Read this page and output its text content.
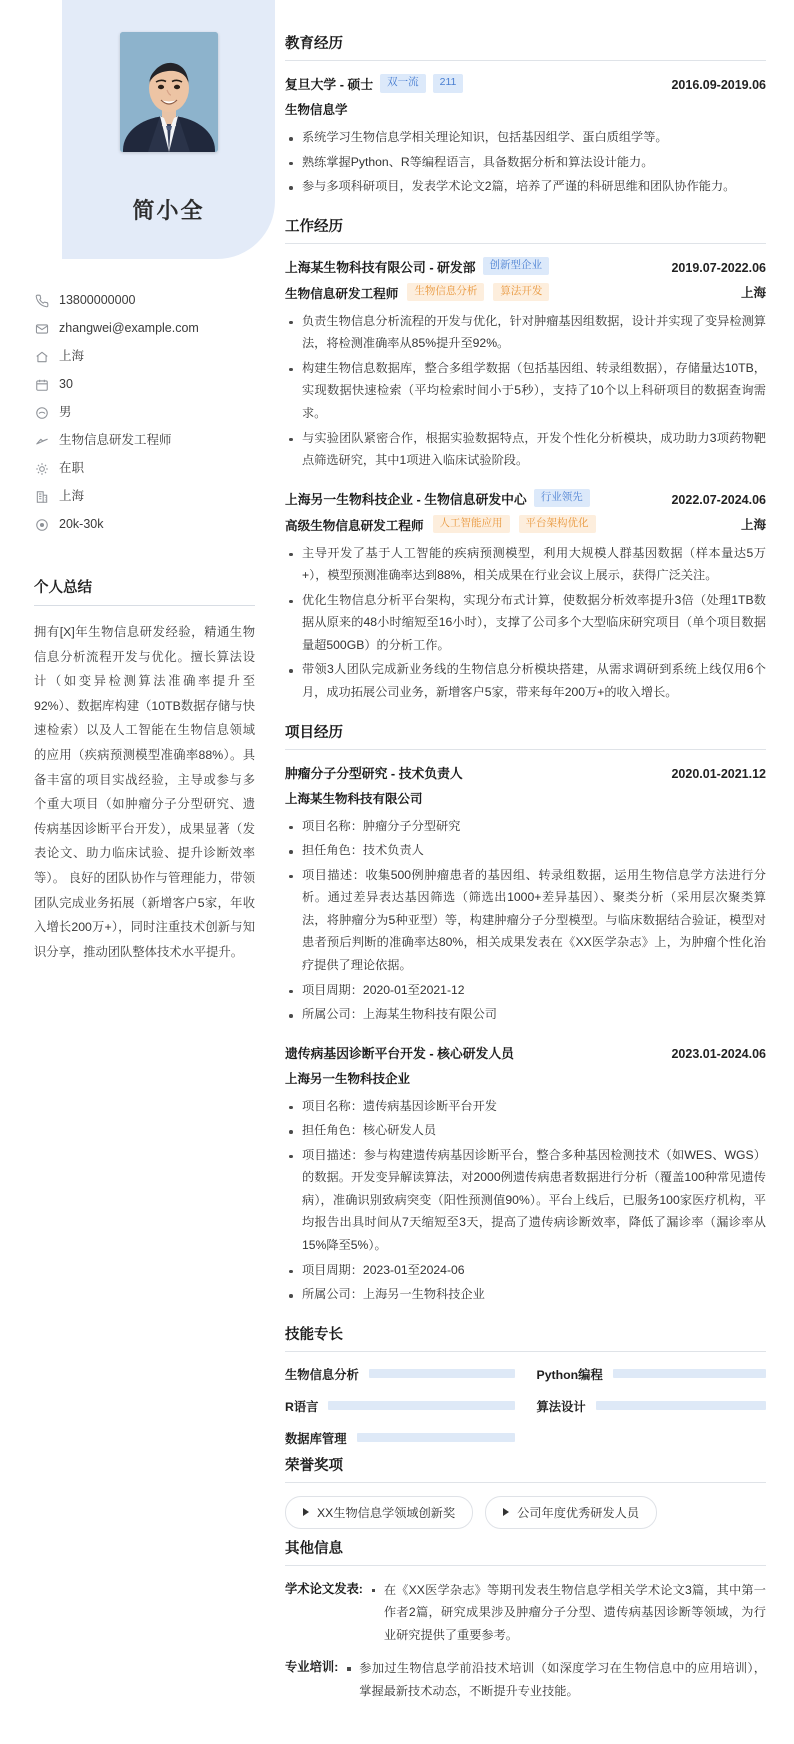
简小全
13800000000
zhangwei@example.com
上海
30
男
生物信息研发工程师
在职
上海
20k-30k
个人总结
拥有[X]年生物信息研发经验，精通生物信息分析流程开发与优化。擅长算法设计（如变异检测算法准确率提升至92%）、数据库构建（10TB数据存储与快速检索）以及人工智能在生物信息领域的应用（疾病预测模型准确率88%）。具备丰富的项目实战经验，主导或参与多个重大项目（如肿瘤分子分型研究、遗传病基因诊断平台开发），成果显著（发表论文、助力临床试验、提升诊断效率等）。 良好的团队协作与管理能力，带领团队完成业务拓展（新增客户5家，年收入增长200万+），同时注重技术创新与知识分享，推动团队整体技术水平提升。
教育经历
复旦大学 - 硕士	双一流	211	2016.09-2019.06
生物信息学
系统学习生物信息学相关理论知识，包括基因组学、蛋白质组学等。
熟练掌握Python、R等编程语言，具备数据分析和算法设计能力。
参与多项科研项目，发表学术论文2篇，培养了严谨的科研思维和团队协作能力。
工作经历
上海某生物科技有限公司 - 研发部	创新型企业	2019.07-2022.06
生物信息研发工程师	生物信息分析	算法开发	上海
负责生物信息分析流程的开发与优化，针对肿瘤基因组数据，设计并实现了变异检测算法，将检测准确率从85%提升至92%。
构建生物信息数据库，整合多组学数据（包括基因组、转录组数据），存储量达10TB，实现数据快速检索（平均检索时间小于5秒），支持了10个以上科研项目的数据查询需求。
与实验团队紧密合作，根据实验数据特点，开发个性化分析模块，成功助力3项药物靶点筛选研究，其中1项进入临床试验阶段。
上海另一生物科技企业 - 生物信息研发中心	行业领先	2022.07-2024.06
高级生物信息研发工程师	人工智能应用	平台架构优化	上海
主导开发了基于人工智能的疾病预测模型，利用大规模人群基因数据（样本量达5万+），模型预测准确率达到88%，相关成果在行业会议上展示，获得广泛关注。
优化生物信息分析平台架构，实现分布式计算，使数据分析效率提升3倍（处理1TB数据从原来的48小时缩短至16小时），支撑了公司多个大型临床研究项目（单个项目数据量超500GB）的分析工作。
带领3人团队完成新业务线的生物信息分析模块搭建，从需求调研到系统上线仅用6个月，成功拓展公司业务，新增客户5家，带来每年200万+的收入增长。
项目经历
肿瘤分子分型研究 - 技术负责人	2020.01-2021.12
上海某生物科技有限公司
项目名称：肿瘤分子分型研究
担任角色：技术负责人
项目描述：收集500例肿瘤患者的基因组、转录组数据，运用生物信息学方法进行分析。通过差异表达基因筛选（筛选出1000+差异基因）、聚类分析（采用层次聚类算法，将肿瘤分为5种亚型）等，构建肿瘤分子分型模型。与临床数据结合验证，模型对患者预后判断的准确率达80%，相关成果发表在《XX医学杂志》上，为肿瘤个性化治疗提供了理论依据。
项目周期：2020-01至2021-12
所属公司：上海某生物科技有限公司
遗传病基因诊断平台开发 - 核心研发人员	2023.01-2024.06
上海另一生物科技企业
项目名称：遗传病基因诊断平台开发
担任角色：核心研发人员
项目描述：参与构建遗传病基因诊断平台，整合多种基因检测技术（如WES、WGS）的数据。开发变异解读算法，对2000例遗传病患者数据进行分析（覆盖100种常见遗传病），准确识别致病突变（阳性预测值90%）。平台上线后，已服务100家医疗机构，平均报告出具时间从7天缩短至3天，提高了遗传病诊断效率，降低了漏诊率（漏诊率从15%降至5%）。
项目周期：2023-01至2024-06
所属公司：上海另一生物科技企业
技能专长
生物信息分析	Python编程
R语言	算法设计
数据库管理
荣誉奖项
XX生物信息学领域创新奖	公司年度优秀研发人员
其他信息
学术论文发表:	在《XX医学杂志》等期刊发表生物信息学相关学术论文3篇，其中第一作者2篇，研究成果涉及肿瘤分子分型、遗传病基因诊断等领域，为行业研究提供了重要参考。
专业培训:	参加过生物信息学前沿技术培训（如深度学习在生物信息中的应用培训），掌握最新技术动态，不断提升专业技能。
